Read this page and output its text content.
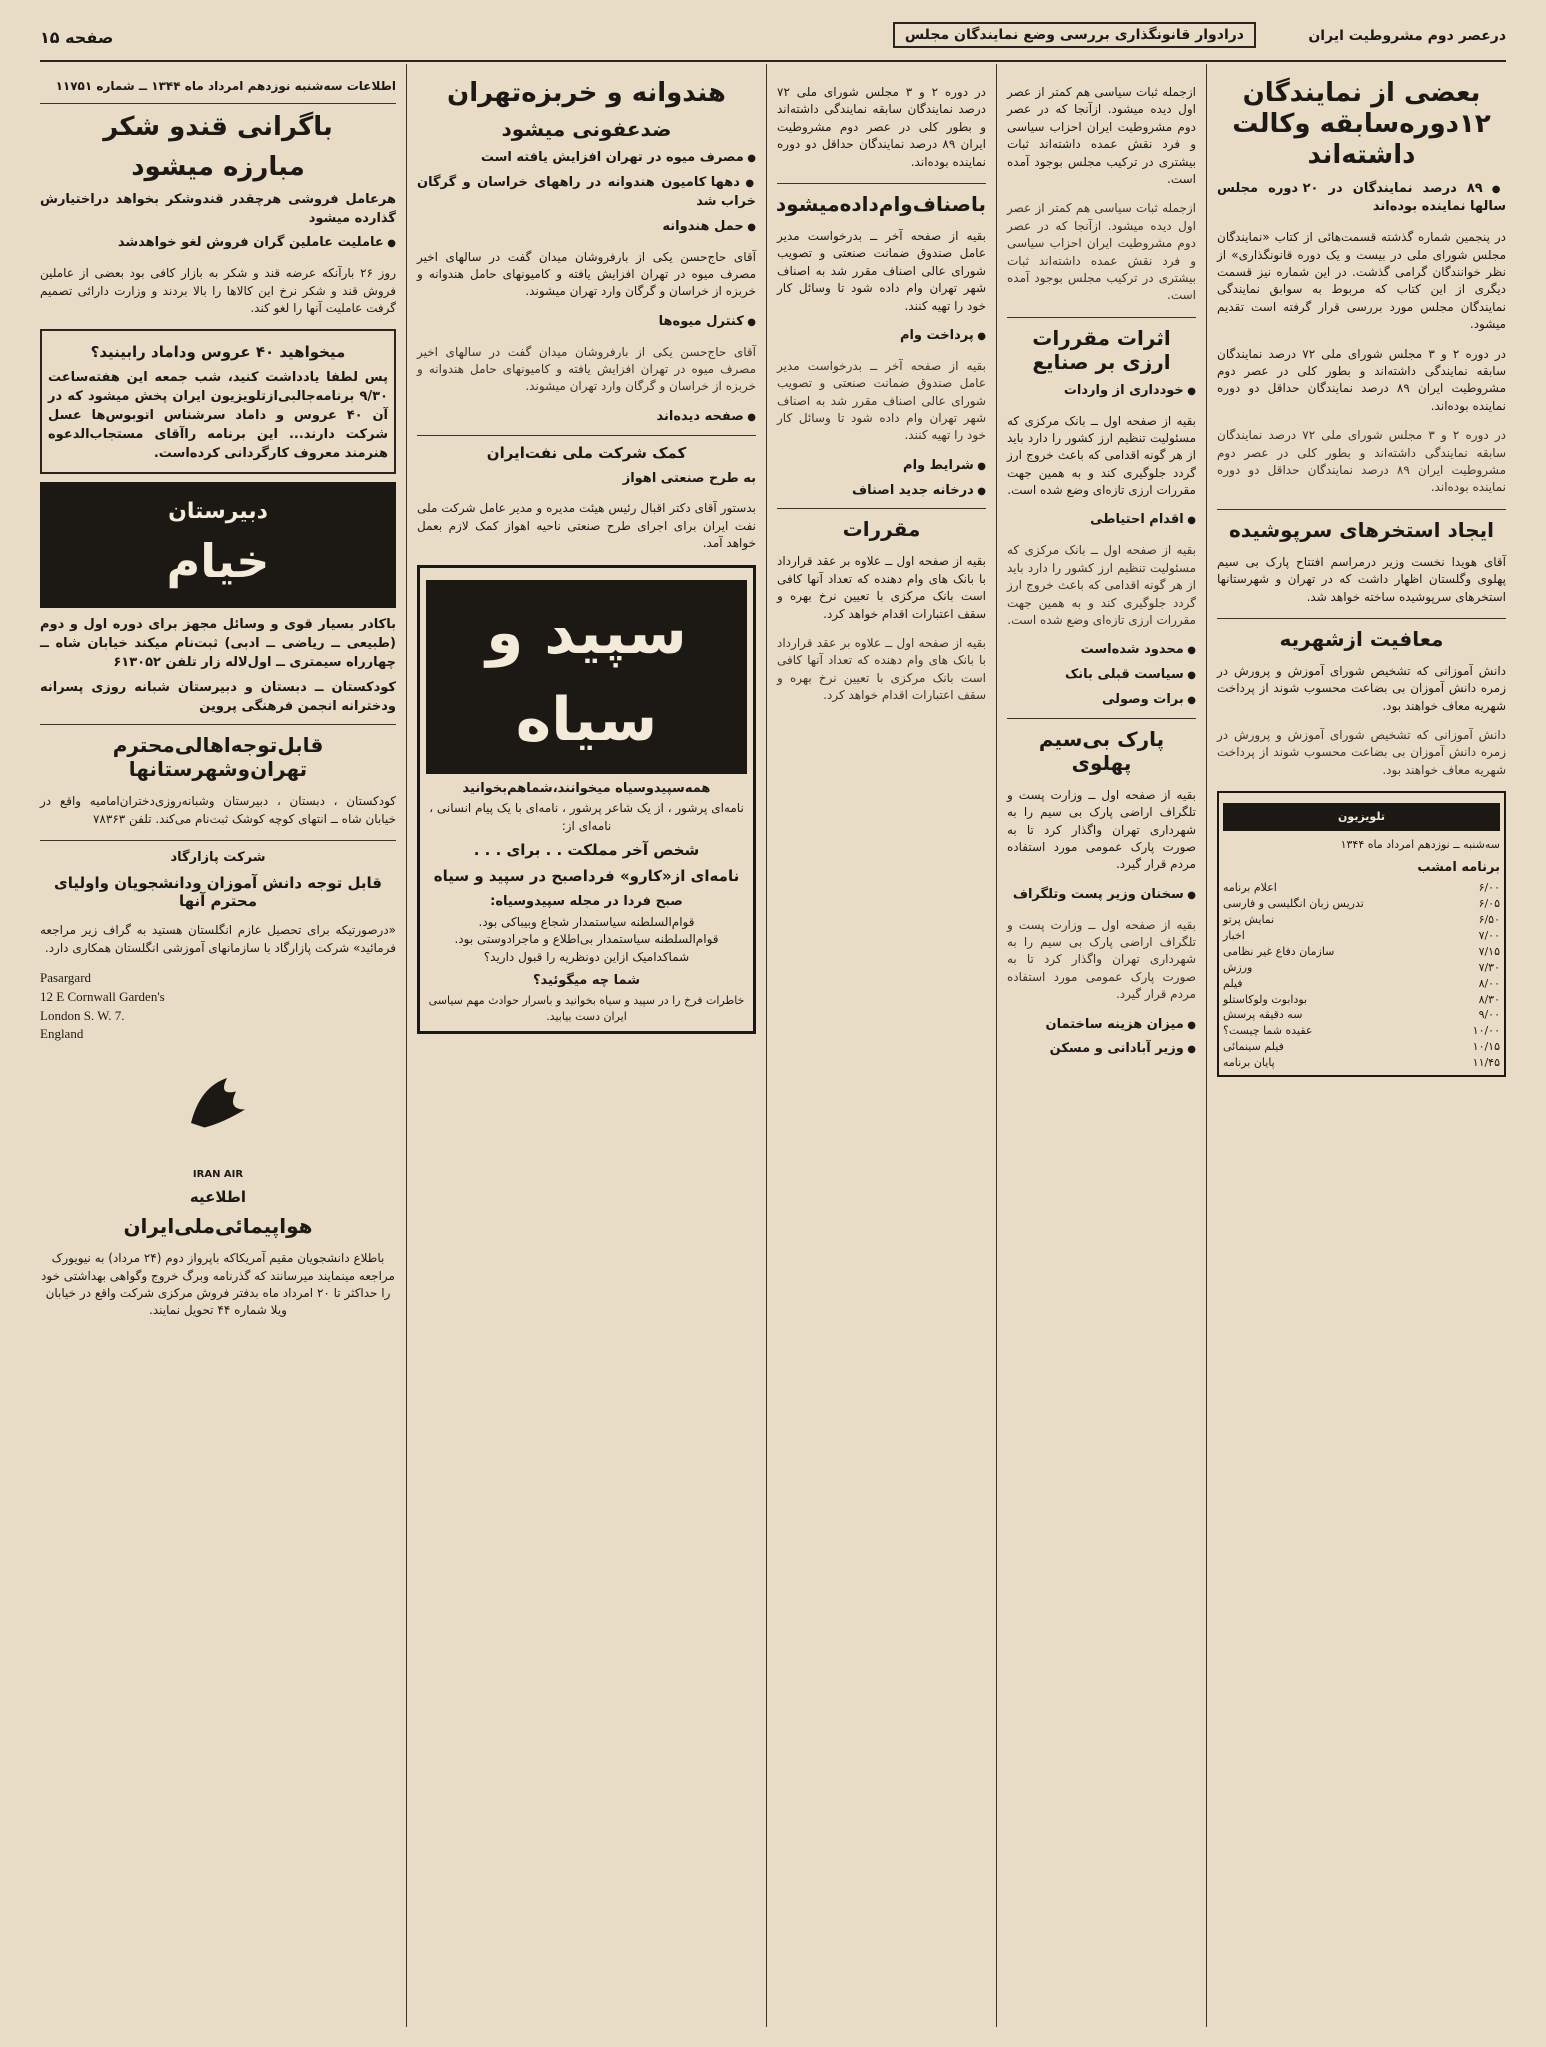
درعصر دوم مشروطیت ایران
درادوار قانونگذاری بررسی وضع نمایندگان مجلس
صفحه ۱۵
بعضی از نمایندگان ۱۲دوره‌سابقه وکالت داشته‌اند
● ۸۹ درصد نمایندگان در ۲۰ دوره مجلس سالها نماینده بوده‌اند

در پنجمین شماره گذشته قسمت‌هائی از کتاب «نمایندگان مجلس شورای ملی در بیست و یک دوره قانونگذاری» از نظر خوانندگان گرامی گذشت. در این شماره نیز قسمت دیگری از این کتاب که مربوط به سوابق نمایندگی نمایندگان مجلس مورد بررسی قرار گرفته است تقدیم میشود.

در دوره ۲ و ۳ مجلس شورای ملی ۷۲ درصد نمایندگان سابقه نمایندگی داشته‌اند و بطور کلی در عصر دوم مشروطیت ایران ۸۹ درصد نمایندگان حداقل دو دوره نماینده بوده‌اند.

در دوره ۲ و ۳ مجلس شورای ملی ۷۲ درصد نمایندگان سابقه نمایندگی داشته‌اند و بطور کلی در عصر دوم مشروطیت ایران ۸۹ درصد نمایندگان حداقل دو دوره نماینده بوده‌اند.

ایجاد استخرهای سرپوشیده

آقای هویدا نخست وزیر درمراسم افتتاح پارک بی سیم پهلوی وگلستان اظهار داشت که در تهران و شهرستانها استخرهای سرپوشیده ساخته خواهد شد.

معافیت ازشهریه

دانش آموزانی که تشخیص شورای آموزش و پرورش در زمره دانش آموزان بی بضاعت محسوب شوند از پرداخت شهریه معاف خواهند بود.

دانش آموزانی که تشخیص شورای آموزش و پرورش در زمره دانش آموزان بی بضاعت محسوب شوند از پرداخت شهریه معاف خواهند بود.

تلویزیون
سه‌شنبه ــ نوزدهم امرداد ماه ۱۳۴۴
برنامه امشب
۶/۰۰
اعلام برنامه
۶/۰۵
تدریس زبان انگلیسی و فارسی
۶/۵۰
نمایش پرتو
۷/۰۰
اخبار
۷/۱۵
سازمان دفاع غیر نظامی
۷/۳۰
ورزش
۸/۰۰
فیلم
۸/۳۰
بودابوت ولوکاستلو
۹/۰۰
سه دقیقه پرسش
۱۰/۰۰
عقیده شما چیست؟
۱۰/۱۵
فیلم سینمائی
۱۱/۴۵
پایان برنامه

ازجمله ثبات سیاسی هم کمتر از عصر اول دیده میشود. ازآنجا که در عصر دوم مشروطیت ایران احزاب سیاسی و فرد نقش عمده داشته‌اند ثبات بیشتری در ترکیب مجلس بوجود آمده است.

ازجمله ثبات سیاسی هم کمتر از عصر اول دیده میشود. ازآنجا که در عصر دوم مشروطیت ایران احزاب سیاسی و فرد نقش عمده داشته‌اند ثبات بیشتری در ترکیب مجلس بوجود آمده است.

اثرات مقررات ارزی بر صنایع
● خودداری از واردات

بقیه از صفحه اول ــ بانک مرکزی که مسئولیت تنظیم ارز کشور را دارد باید از هر گونه اقدامی که باعث خروج ارز گردد جلوگیری کند و به همین جهت مقررات ارزی تازه‌ای وضع شده است.

● اقدام احتیاطی

بقیه از صفحه اول ــ بانک مرکزی که مسئولیت تنظیم ارز کشور را دارد باید از هر گونه اقدامی که باعث خروج ارز گردد جلوگیری کند و به همین جهت مقررات ارزی تازه‌ای وضع شده است.

● محدود شده‌است
● سیاست قبلی بانک
● برات وصولی
پارک بی‌سیم پهلوی

بقیه از صفحه اول ــ وزارت پست و تلگراف اراضی پارک بی سیم را به شهرداری تهران واگذار کرد تا به صورت پارک عمومی مورد استفاده مردم قرار گیرد.

● سخنان وزیر پست وتلگراف

بقیه از صفحه اول ــ وزارت پست و تلگراف اراضی پارک بی سیم را به شهرداری تهران واگذار کرد تا به صورت پارک عمومی مورد استفاده مردم قرار گیرد.

● میزان هزینه ساختمان
● وزیر آبادانی و مسکن

در دوره ۲ و ۳ مجلس شورای ملی ۷۲ درصد نمایندگان سابقه نمایندگی داشته‌اند و بطور کلی در عصر دوم مشروطیت ایران ۸۹ درصد نمایندگان حداقل دو دوره نماینده بوده‌اند.

باصناف‌وام‌داده‌میشود

بقیه از صفحه آخر ــ بدرخواست مدیر عامل صندوق ضمانت صنعتی و تصویب شورای عالی اصناف مقرر شد به اصناف شهر تهران وام داده شود تا وسائل کار خود را تهیه کنند.

● پرداخت وام

بقیه از صفحه آخر ــ بدرخواست مدیر عامل صندوق ضمانت صنعتی و تصویب شورای عالی اصناف مقرر شد به اصناف شهر تهران وام داده شود تا وسائل کار خود را تهیه کنند.

● شرایط وام
● درخانه جدید اصناف
مقررات

بقیه از صفحه اول ــ علاوه بر عقد قرارداد با بانک های وام دهنده که تعداد آنها کافی است بانک مرکزی با تعیین نرخ بهره و سقف اعتبارات اقدام خواهد کرد.

بقیه از صفحه اول ــ علاوه بر عقد قرارداد با بانک های وام دهنده که تعداد آنها کافی است بانک مرکزی با تعیین نرخ بهره و سقف اعتبارات اقدام خواهد کرد.

هندوانه و خربزه‌تهران
ضدعفونی میشود
● مصرف میوه در تهران افزایش یافته است
● دهها کامیون هندوانه در راههای خراسان و گرگان خراب شد
● حمل هندوانه

آقای حاج‌حسن یکی از بارفروشان میدان گفت در سالهای اخیر مصرف میوه در تهران افزایش یافته و کامیونهای حامل هندوانه و خربزه از خراسان و گرگان وارد تهران میشوند.

● کنترل میوه‌ها

آقای حاج‌حسن یکی از بارفروشان میدان گفت در سالهای اخیر مصرف میوه در تهران افزایش یافته و کامیونهای حامل هندوانه و خربزه از خراسان و گرگان وارد تهران میشوند.

● صفحه دیده‌اند
کمک شرکت ملی نفت‌ایران
به طرح صنعتی اهواز

بدستور آقای دکتر اقبال رئیس هیئت مدیره و مدیر عامل شرکت ملی نفت ایران برای اجرای طرح صنعتی ناحیه اهواز کمک لازم بعمل خواهد آمد.

سپید و سیاه
همه‌سپیدوسیاه میخوانند،شماهم‌بخوانید
نامه‌ای پرشور ، از یک شاعر پرشور ، نامه‌ای با یک پیام انسانی ، نامه‌ای از:
شخص آخر مملکت . . برای . . .
نامه‌ای از«کارو» فرداصبح در سپید و سیاه
صبح فردا در مجله سپیدوسیاه:
قوام‌السلطنه سیاستمدار شجاع وبیباکی بود.
قوام‌السلطنه سیاستمدار بی‌اطلاع و ماجرادوستی بود.
شماکدامیک ازاین دونظریه را قبول دارید؟
شما چه میگوئید؟
خاطرات فرخ را در سپید و سیاه بخوانید و باسرار حوادث مهم سیاسی ایران دست بیابید.
اطلاعات سه‌شنبه نوزدهم امرداد ماه ۱۳۴۴ ــ شماره ۱۱۷۵۱
باگرانی قندو شکر
مبارزه میشود
هرعامل فروشی هرچقدر قندوشکر بخواهد دراختیارش گذارده میشود
● عاملیت عاملین گران فروش لغو خواهدشد

روز ۲۶ بارآنکه عرضه قند و شکر به بازار کافی بود بعضی از عاملین فروش قند و شکر نرخ این کالاها را بالا بردند و وزارت دارائی تصمیم گرفت عاملیت آنها را لغو کند.

میخواهید ۴۰ عروس وداماد رابینید؟
پس لطفا یادداشت کنید، شب جمعه این هفته‌ساعت ۹/۳۰ برنامه‌جالبی‌ازتلویزیون ایران پخش میشود که در آن ۴۰ عروس و داماد سرشناس اتوبوس‌ها عسل شرکت دارند... این برنامه راآقای مستجاب‌الدعوه هنرمند معروف کارگردانی کرده‌است.
دبیرستان
خیام
باکادر بسیار قوی و وسائل مجهز برای دوره اول و دوم (طبیعی ــ ریاضی ــ ادبی) ثبت‌نام میکند خیابان شاه ــ چهارراه سیمتری ــ اول‌لاله زار تلفن ۶۱۳۰۵۲
کودکستان ــ دبستان و دبیرستان شبانه روزی پسرانه ودخترانه انجمن فرهنگی پروین
قابل‌توجه‌اهالی‌محترم تهران‌وشهرستانها

کودکستان ، دبستان ، دبیرستان وشبانه‌روزی‌دختران‌امامیه واقع در خیابان شاه ــ انتهای کوچه کوشک ثبت‌نام می‌کند. تلفن ۷۸۳۶۳

شرکت پازارگاد
قابل توجه دانش آموزان ودانشجویان واولیای محترم آنها

«درصورتیکه برای تحصیل عازم انگلستان هستید به گراف زیر مراجعه فرمائید» شرکت پازارگاد با سازمانهای آموزشی انگلستان همکاری دارد.

Pasargard
12 E Cornwall Garden's
London S. W. 7.
England
IRAN AIR
اطلاعیه
هواپیمائی‌ملی‌ایران

باطلاع دانشجویان مقیم آمریکاکه باپرواز دوم (۲۴ مرداد) به نیویورک مراجعه مینمایند میرسانند که گذرنامه وبرگ خروج وگواهی بهداشتی خود را حداکثر تا ۲۰ امرداد ماه بدفتر فروش مرکزی شرکت واقع در خیابان ویلا شماره ۴۴ تحویل نمایند.
